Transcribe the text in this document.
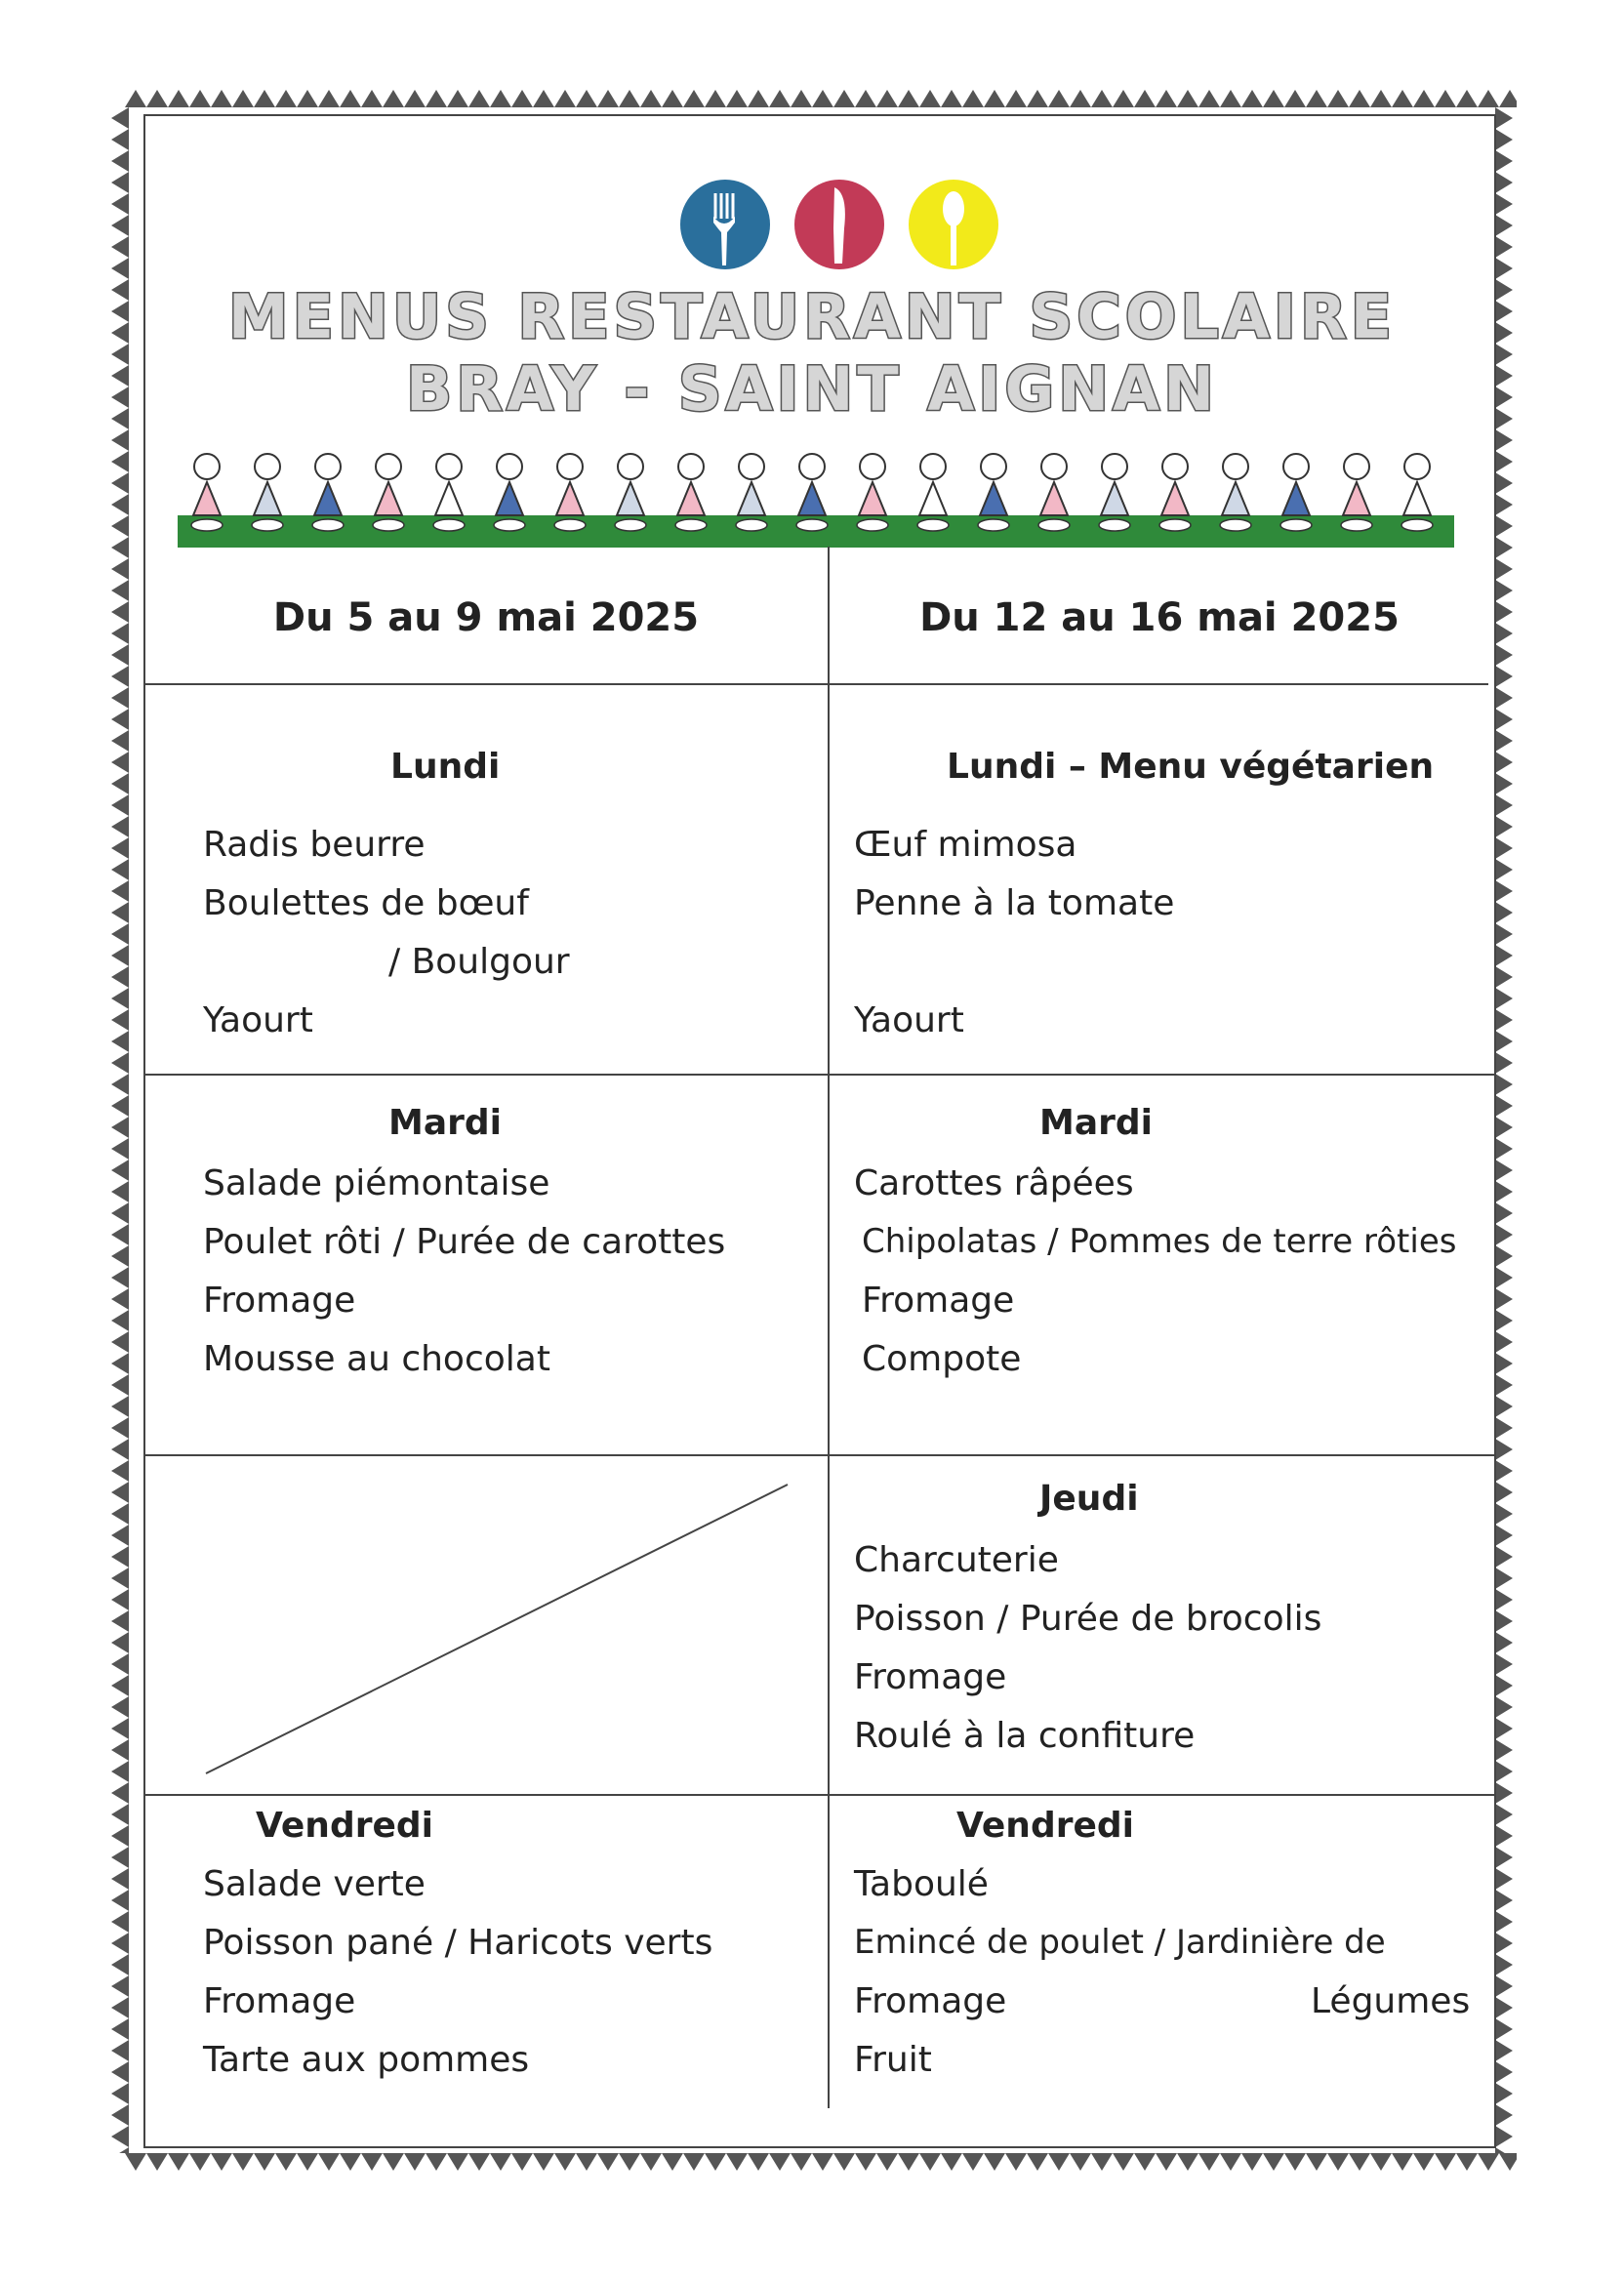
MENUS RESTAURANT SCOLAIRE
BRAY - SAINT AIGNAN
Du 5 au 9 mai 2025	Du 12 au 16 mai 2025
Lundi
Radis beurre
Boulettes de bœuf
/ Boulgour
Yaourt
Mardi
Salade piémontaise
Poulet rôti / Purée de carottes
Fromage
Mousse au chocolat
Vendredi
Salade verte
Poisson pané / Haricots verts
Fromage
Tarte aux pommes
Lundi – Menu végétarien
Œuf mimosa
Penne à la tomate
Yaourt
Mardi
Carottes râpées
Chipolatas / Pommes de terre rôties
Fromage
Compote
Jeudi
Charcuterie
Poisson / Purée de brocolis
Fromage
Roulé à la confiture
Vendredi
Taboulé
Emincé de poulet / Jardinière de
Légumes
Fromage
Fruit
